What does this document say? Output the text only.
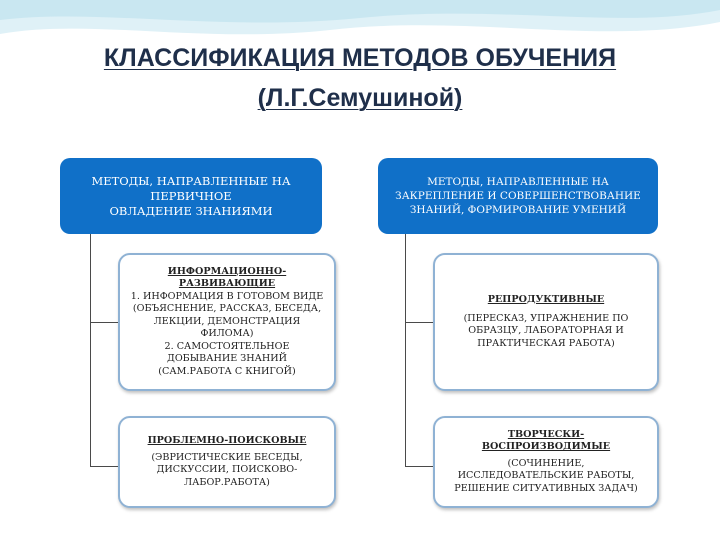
КЛАССИФИКАЦИЯ МЕТОДОВ ОБУЧЕНИЯ
(Л.Г.Семушиной)
МЕТОДЫ, НАПРАВЛЕННЫЕ НА
ПЕРВИЧНОЕ
ОВЛАДЕНИЕ ЗНАНИЯМИ
МЕТОДЫ, НАПРАВЛЕННЫЕ НА
ЗАКРЕПЛЕНИЕ И СОВЕРШЕНСТВОВАНИЕ
ЗНАНИЙ, ФОРМИРОВАНИЕ УМЕНИЙ
ИНФОРМАЦИОННО-
РАЗВИВАЮЩИЕ
1. ИНФОРМАЦИЯ В ГОТОВОМ ВИДЕ
(ОБЪЯСНЕНИЕ, РАССКАЗ, БЕСЕДА,
ЛЕКЦИИ, ДЕМОНСТРАЦИЯ
ФИЛОМА)
2. САМОСТОЯТЕЛЬНОЕ
ДОБЫВАНИЕ ЗНАНИЙ
(САМ.РАБОТА С КНИГОЙ)
ПРОБЛЕМНО-ПОИСКОВЫЕ
(ЭВРИСТИЧЕСКИЕ БЕСЕДЫ,
ДИСКУССИИ, ПОИСКОВО-
ЛАБОР.РАБОТА)
РЕПРОДУКТИВНЫЕ
(ПЕРЕСКАЗ, УПРАЖНЕНИЕ ПО
ОБРАЗЦУ, ЛАБОРАТОРНАЯ И
ПРАКТИЧЕСКАЯ РАБОТА)
ТВОРЧЕСКИ-
ВОСПРОИЗВОДИМЫЕ
(СОЧИНЕНИЕ,
ИССЛЕДОВАТЕЛЬСКИЕ РАБОТЫ,
РЕШЕНИЕ СИТУАТИВНЫХ ЗАДАЧ)
